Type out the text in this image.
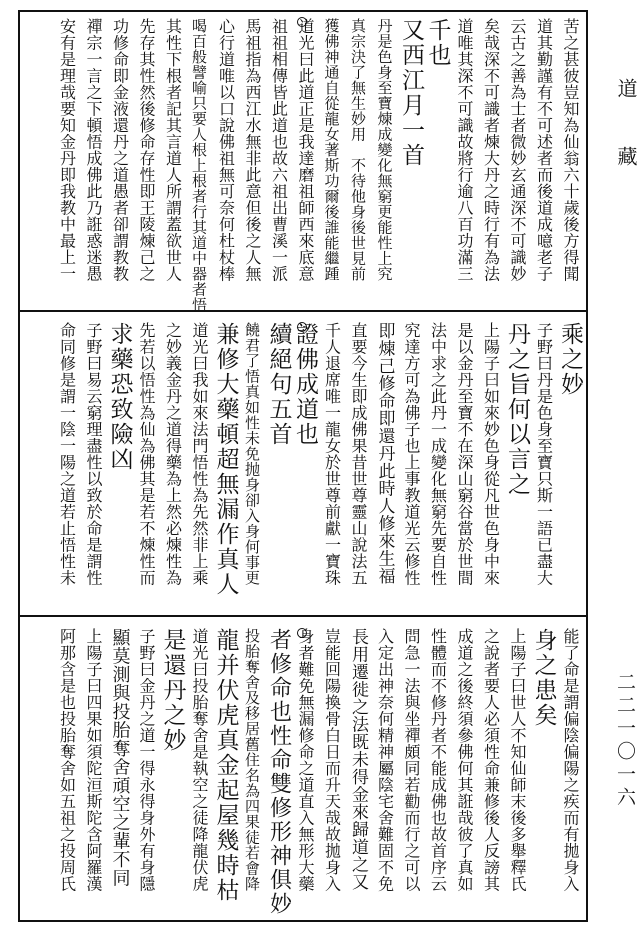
道藏
二二一〇一六
苦之甚彼豈知為仙翁六十歲後方得聞
道其勤謹有不可述者而後道成噫老子
云古之善為士者微妙玄通深不可識妙
矣哉深不可識者煉大丹之時行有為法
道唯其深不可識故將行逾八百功滿三
千也
又西江月一首
丹是色身至寶煉成變化無窮更能性上究
真宗決了無生妙用　不待他身後世見前
獲佛神通自從龍女著斯功爾後誰能繼踵
道光曰此道正是我達磨祖師西來底意
祖祖相傳皆此道也故六祖出曹溪一派
馬祖指為西江水無非此意但後之人無
心行道唯以口說佛祖無可奈何杜杖棒
喝百般譬喻只要人根上根者行其道中器者悟
其性下根者記其言道人所謂蓋欲世人
先存其性然後修命存性即王陵煉己之
功修命即金液還丹之道愚者卻謂教教
禪宗一言之下頓悟成佛此乃誑惑迷愚
安有是理哉要知金丹即我教中最上一
乘之妙
子野曰丹是色身至寶只斯一語已盡大
丹之旨何以言之
上陽子曰如來妙色身從凡世色身中來
是以金丹至寶不在深山窮谷當於世間
法中求之此丹一成變化無窮先要自性
究達方可為佛子也上事教道光云修性
即煉己修命即還丹此時人修來生福
直要今生即成佛果昔世尊靈山說法五
千人退席唯一龍女於世尊前獻一寶珠
證佛成道也
續絕句五首
饒君了悟真如性未免抛身卻入身何事更
兼修大藥頓超無漏作真人
道光曰我如來法門悟性為先然非上乘
之妙義金丹之道得藥為上然必煉性為
先若以悟性為仙為佛其是若不煉性而
求藥恐致險凶
子野曰易云窮理盡性以致於命是謂性
命同修是謂一陰一陽之道若止悟性未
能了命是謂偏陰偏陽之疾而有拋身入
身之患矣
上陽子曰世人不知仙師末後多舉釋氏
之說者要人必須性命兼修後人反謗其
成道之後終須參佛何其誑哉彼了真如
性體而不修丹者不能成佛也故首序云
問急一法與坐禪頗同若勸而行之可以
入定出神奈何精神屬陰宅舍難固不免
長用遷徙之法既未得金來歸道之又
豈能回陽換骨白日而升天哉故拋身入
身者難免無漏修命之道直入無形大藥
者修命也性命雙修形神俱妙
投胎奪舍及移居舊住名為四果徒若會降
龍并伏虎真金起屋幾時枯
道光曰投胎奪舍是執空之徒降龍伏虎
是還丹之妙
子野曰金丹之道一得永得身外有身隱
顯莫測與投胎奪舍頑空之輩不同
上陽子曰四果如須陀洹斯陀含阿羅漢
阿那含是也投胎奪舍如五祖之投周氏
